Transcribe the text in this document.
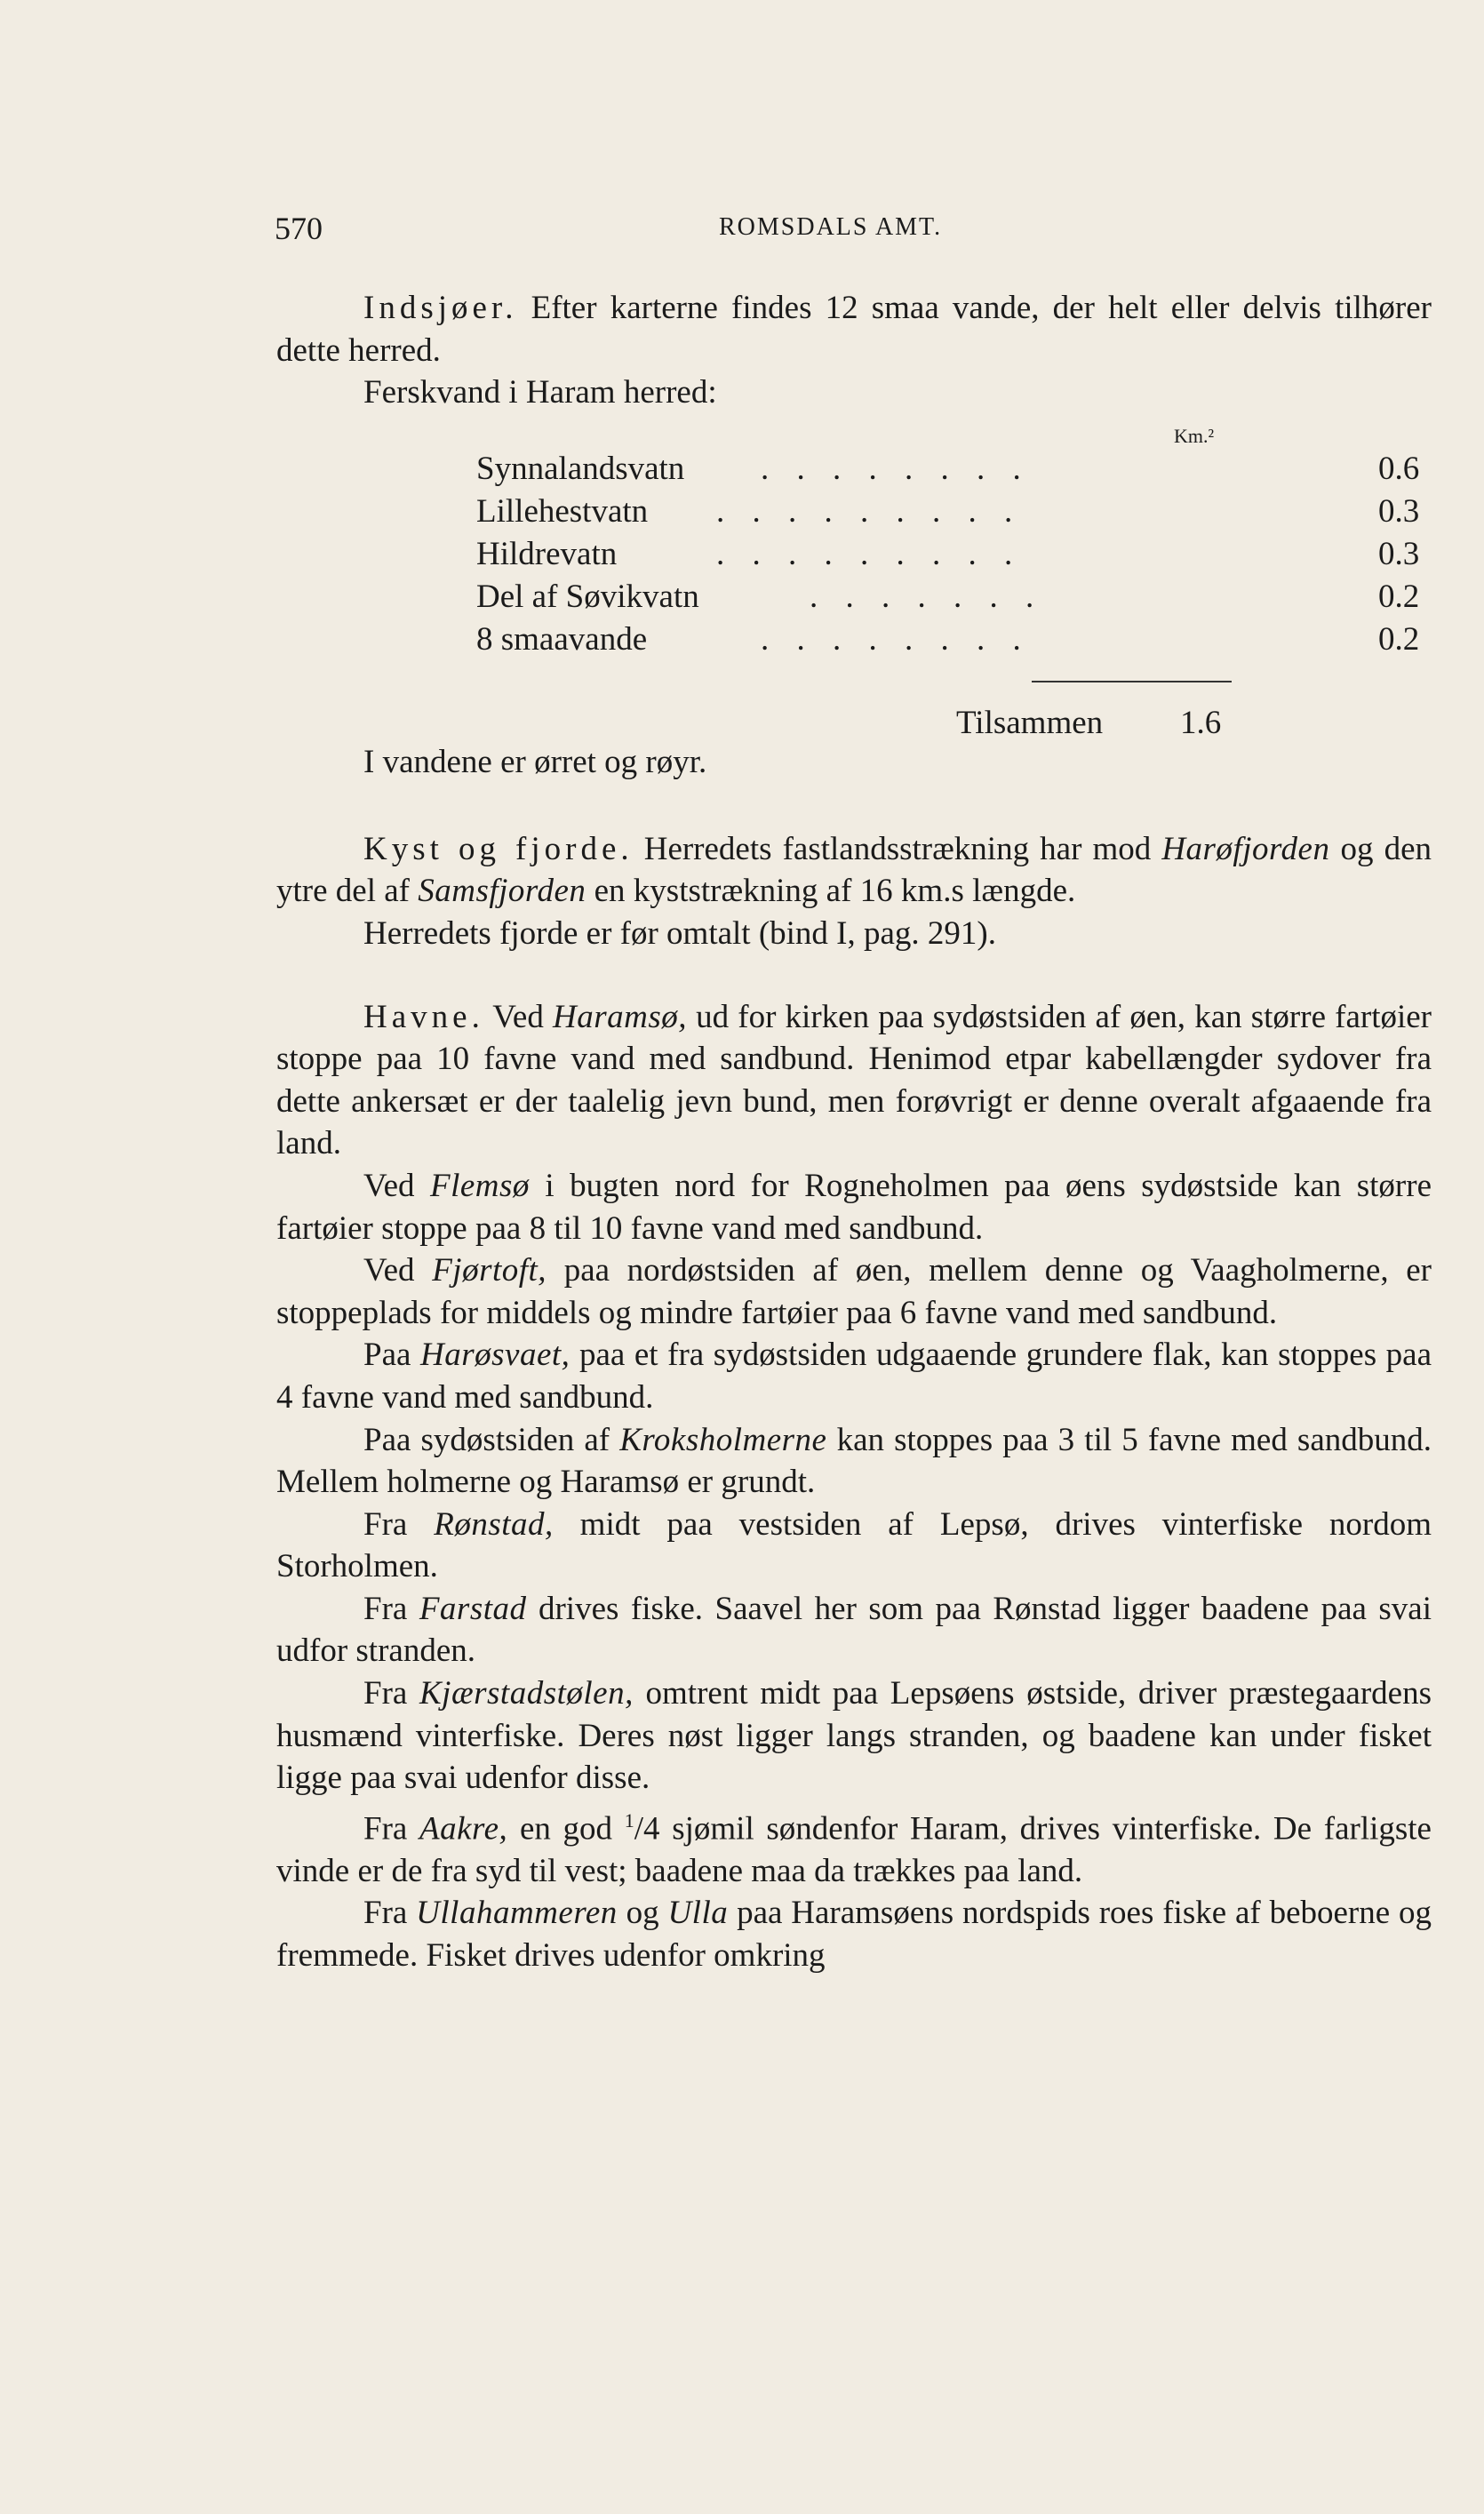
570	ROMSDALS AMT.

Indsjøer. Efter karterne findes 12 smaa vande, der helt eller delvis tilhører dette herred.

Ferskvand i Haram herred:

Km.²
Synnalandsvatn . . . . . . . .	0.6
Lillehestvatn . . . . . . . . .	0.3
Hildrevatn	. . . . . . . . .	0.3
Del af Søvikvatn	. . . . . . .	0.2
8 smaavande	. . . . . . . .	0.2
Tilsammen 1.6

I vandene er ørret og røyr.

Kyst og fjorde. Herredets fastlandsstrækning har mod Harøfjorden og den ytre del af Samsfjorden en kyststrækning af 16 km.s længde.

Herredets fjorde er før omtalt (bind I, pag. 291).

Havne. Ved Haramsø, ud for kirken paa sydøstsiden af øen, kan større fartøier stoppe paa 10 favne vand med sandbund. Henimod etpar kabellængder sydover fra dette ankersæt er der taalelig jevn bund, men forøvrigt er denne overalt afgaaende fra land.

Ved Flemsø i bugten nord for Rogneholmen paa øens sydøstside kan større fartøier stoppe paa 8 til 10 favne vand med sandbund.

Ved Fjørtoft, paa nordøstsiden af øen, mellem denne og Vaagholmerne, er stoppeplads for middels og mindre fartøier paa 6 favne vand med sandbund.

Paa Harøsvaet, paa et fra sydøstsiden udgaaende grundere flak, kan stoppes paa 4 favne vand med sandbund.

Paa sydøstsiden af Kroksholmerne kan stoppes paa 3 til 5 favne med sandbund. Mellem holmerne og Haramsø er grundt.

Fra Rønstad, midt paa vestsiden af Lepsø, drives vinterfiske nordom Storholmen.

Fra Farstad drives fiske. Saavel her som paa Rønstad ligger baadene paa svai udfor stranden.

Fra Kjærstadstølen, omtrent midt paa Lepsøens østside, driver præstegaardens husmænd vinterfiske. Deres nøst ligger langs stranden, og baadene kan under fisket ligge paa svai udenfor disse.

Fra Aakre, en god $^1$/4 sjømil søndenfor Haram, drives vinterfiske. De farligste vinde er de fra syd til vest; baadene maa da trækkes paa land.

Fra Ullahammeren og Ulla paa Haramsøens nordspids roes fiske af beboerne og fremmede. Fisket drives udenfor omkring
